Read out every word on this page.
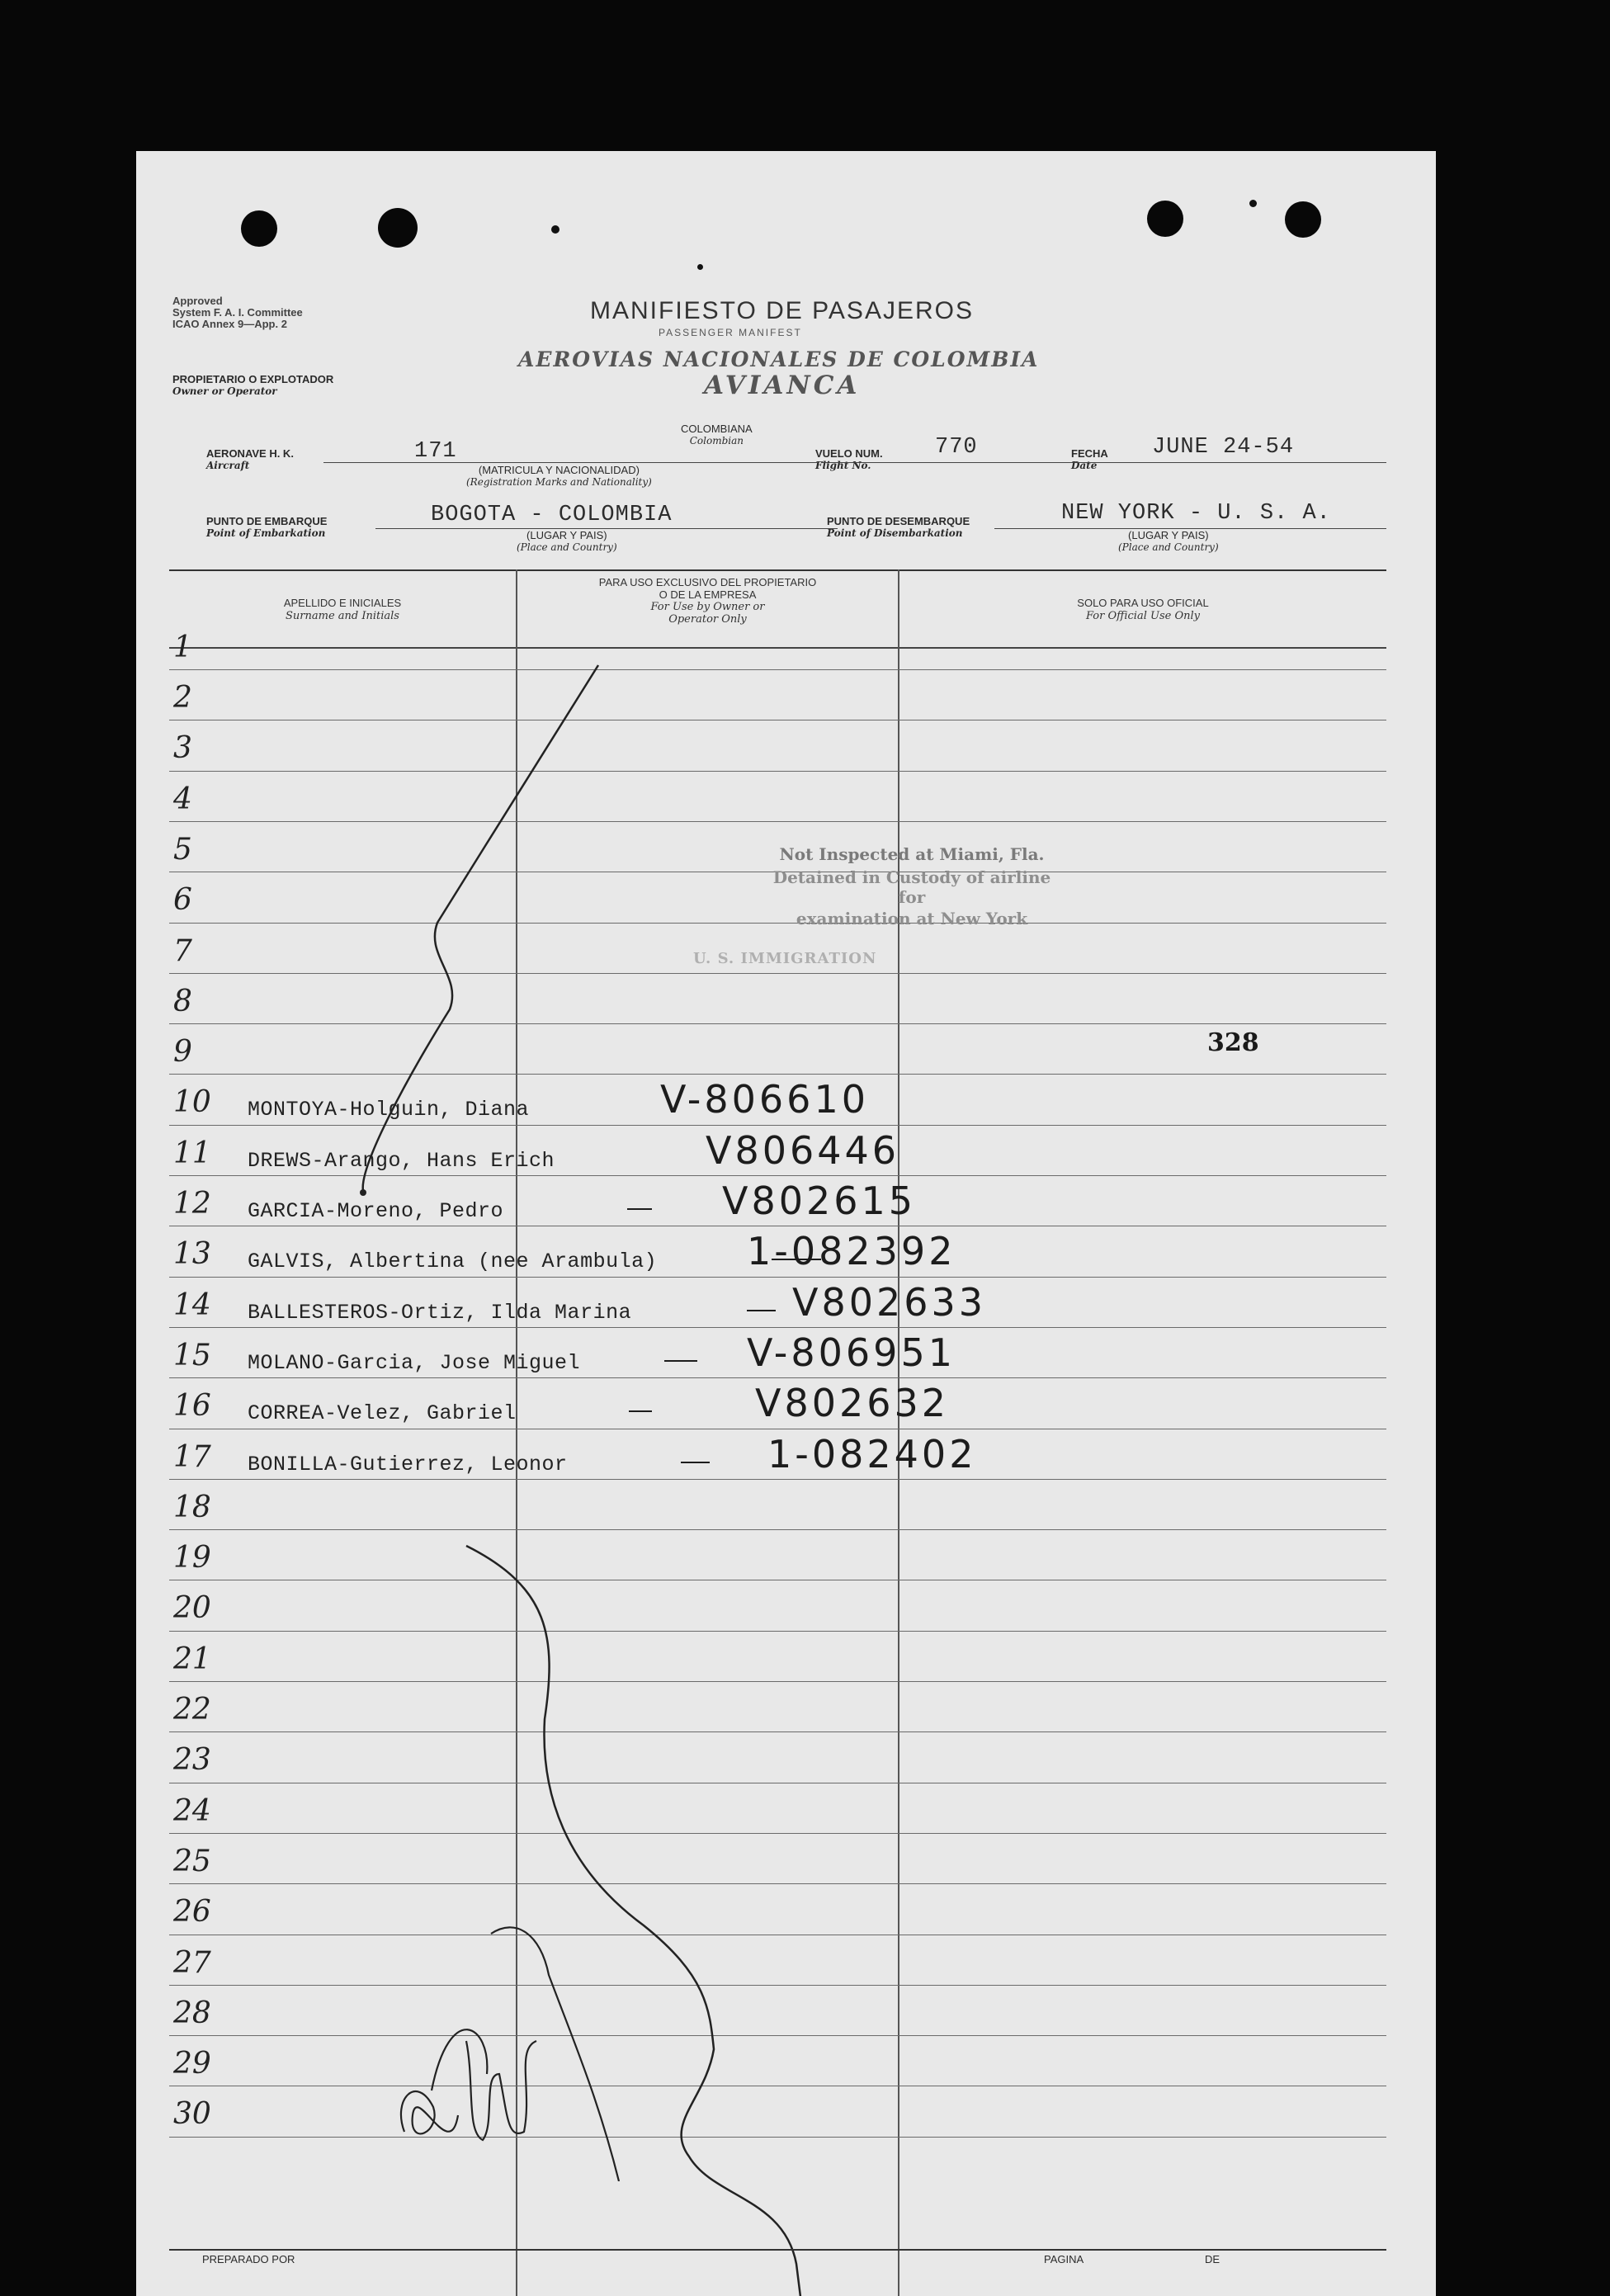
Approved
System F. A. I. Committee
ICAO Annex 9—App. 2	MANIFIESTO DE PASAJEROS
PASSENGER MANIFEST
AEROVIAS NACIONALES DE COLOMBIA
AVIANCA
PROPIETARIO O EXPLOTADOR
Owner or Operator
AERONAVE H. K.
Aircraft
COLOMBIANA
Colombian
171
(MATRICULA Y NACIONALIDAD)
(Registration Marks and Nationality)
VUELO NUM.
Flight No.
770	FECHA
Date
JUNE 24-54
PUNTO DE EMBARQUE
Point of Embarkation
BOGOTA - COLOMBIA
(LUGAR Y PAIS)
(Place and Country)
PUNTO DE DESEMBARQUE
Point of Disembarkation
NEW YORK - U. S. A.
(LUGAR Y PAIS)
(Place and Country)
APELLIDO E INICIALES
Surname and Initials
PARA USO EXCLUSIVO DEL PROPIETARIO
O DE LA EMPRESA
For Use by Owner or
Operator Only
SOLO PARA USO OFICIAL
For Official Use Only
1
2
3
4
5
6
7
8
9
10 MONTOYA-Holguin, Diana	V-806610
11 DREWS-Arango, Hans Erich	V806446
12 GARCIA-Moreno, Pedro	V802615
13 GALVIS, Albertina (nee Arambula) 1-082392
14 BALLESTEROS-Ortiz, Ilda Marina	V802633
15 MOLANO-Garcia, Jose Miguel	V-806951
16 CORREA-Velez, Gabriel	V802632
17 BONILLA-Gutierrez, Leonor	1-082402
18
19
20
21
22
23
24
25
26
27
28
29
30
Not Inspected at Miami, Fla.
Detained in Custody of airline for
examination at New York
U. S. IMMIGRATION
328
PREPARADO POR	PAGINA	DE
